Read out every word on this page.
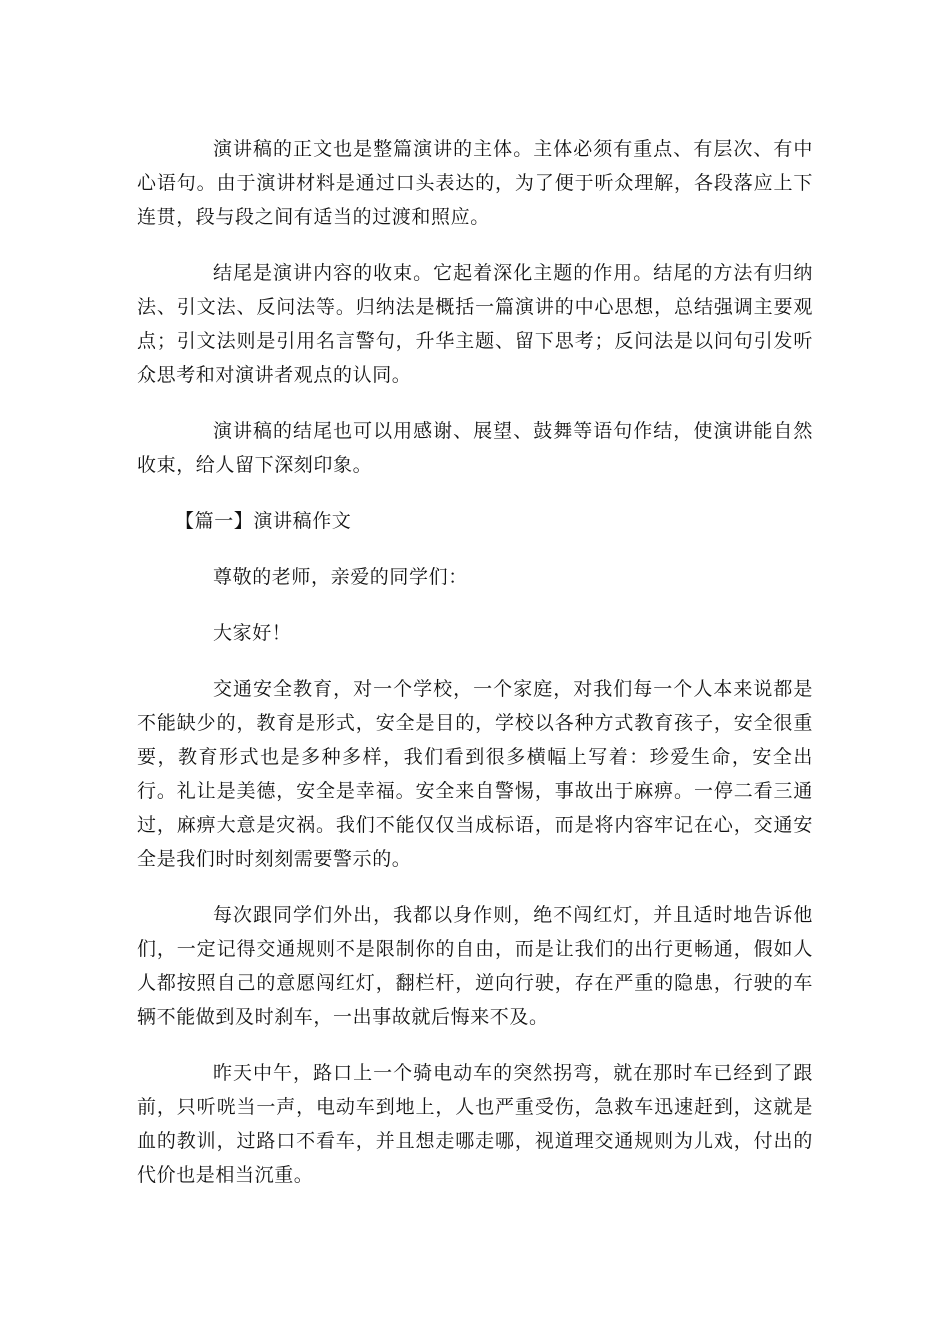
演讲稿的正文也是整篇演讲的主体。主体必须有重点、有层次、有中心语句。由于演讲材料是通过口头表达的，为了便于听众理解，各段落应上下连贯，段与段之间有适当的过渡和照应。

结尾是演讲内容的收束。它起着深化主题的作用。结尾的方法有归纳法、引文法、反问法等。归纳法是概括一篇演讲的中心思想，总结强调主要观点；引文法则是引用名言警句，升华主题、留下思考；反问法是以问句引发听众思考和对演讲者观点的认同。

演讲稿的结尾也可以用感谢、展望、鼓舞等语句作结，使演讲能自然收束，给人留下深刻印象。

【篇一】演讲稿作文

尊敬的老师，亲爱的同学们：

大家好！

交通安全教育，对一个学校，一个家庭，对我们每一个人本来说都是不能缺少的，教育是形式，安全是目的，学校以各种方式教育孩子，安全很重要，教育形式也是多种多样，我们看到很多横幅上写着：珍爱生命，安全出行。礼让是美德，安全是幸福。安全来自警惕，事故出于麻痹。一停二看三通过，麻痹大意是灾祸。我们不能仅仅当成标语，而是将内容牢记在心，交通安全是我们时时刻刻需要警示的。

每次跟同学们外出，我都以身作则，绝不闯红灯，并且适时地告诉他们，一定记得交通规则不是限制你的自由，而是让我们的出行更畅通，假如人人都按照自己的意愿闯红灯，翻栏杆，逆向行驶，存在严重的隐患，行驶的车辆不能做到及时刹车，一出事故就后悔来不及。

昨天中午，路口上一个骑电动车的突然拐弯，就在那时车已经到了跟前，只听咣当一声，电动车到地上，人也严重受伤，急救车迅速赶到，这就是血的教训，过路口不看车，并且想走哪走哪，视道理交通规则为儿戏，付出的代价也是相当沉重。
